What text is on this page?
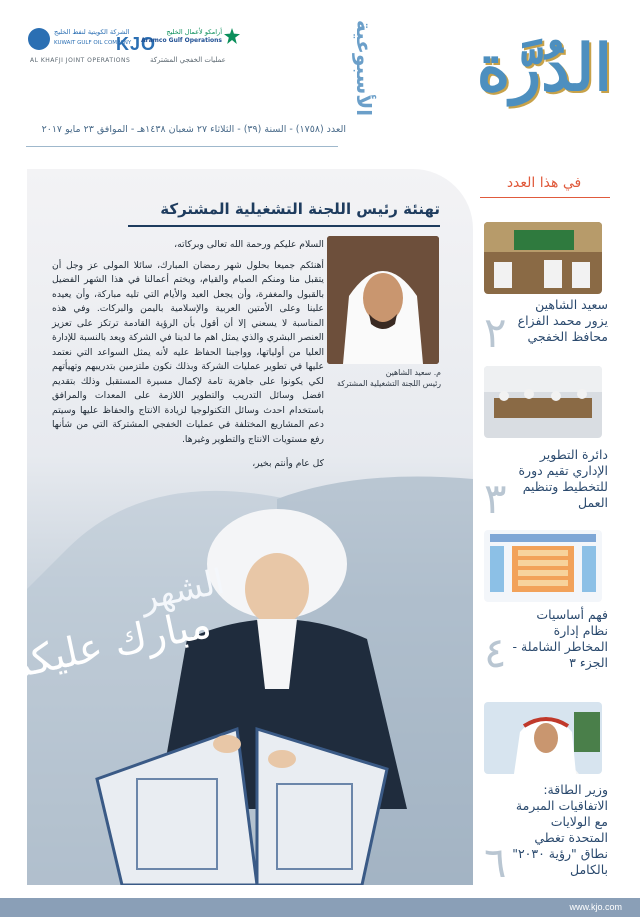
الشركة الكويتية لنفط الخليج
KUWAIT GULF OIL COMPANY
KJO
أرامكو لأعمال الخليج
Aramco Gulf Operations
AL KHAFJI JOINT OPERATIONS	عمليات الخفجي المشتركة	الدُرَّة
الأسبوعية
العدد (١٧٥٨) - السنة (٣٩) - الثلاثاء ٢٧ شعبان ١٤٣٨هـ - الموافق ٢٣ مايو ٢٠١٧
تهنئة رئيس اللجنة التشغيلية المشتركة
م. سعيد الشاهين
رئيس اللجنة التشغيلية المشتركة

السلام عليكم ورحمة الله تعالى وبركاته،

أهنئكم جميعا بحلول شهر رمضان المبارك، سائلا المولى عز وجل أن يتقبل منا ومنكم الصيام والقيام، ويختم أعمالنا في هذا الشهر الفضيل بالقبول والمغفرة، وأن يجعل العيد والأيام التي تليه مباركة، وأن يعيده علينا وعلى الأمتين العربية والإسلامية باليمن والبركات. وفي هذه المناسبة لا يسعني إلا أن أقول بأن الرؤية القادمة ترتكز على تعزيز العنصر البشري والذي يمثل اهم ما لدينا في الشركة ويعد بالنسبة للإدارة العليا من أولياتها، وواجبنا الحفاظ عليه لأنه يمثل السواعد التي نعتمد عليها في تطوير عمليات الشركة وبذلك نكون ملتزمين بتدريبهم وتهيأتهم لكي يكونوا على جاهزية تامة لإكمال مسيرة المستقبل وذلك بتقديم افضل وسائل التدريب والتطوير اللازمة على المعدات والمرافق باستخدام احدث وسائل التكنولوجيا لزيادة الانتاج والحفاظ عليها وسيتم دعم المشاريع المختلفة في عمليات الخفجي المشتركة التي من شأنها رفع مستويات الانتاج والتطوير وغيرها.

كل عام وأنتم بخير،

الشهر
مبارك عليكم
في هذا العدد
سعيد الشاهين يزور محمد الفزاع محافظ الخفجي
٢
دائرة التطوير الإداري تقيم دورة للتخطيط وتنظيم العمل
٣
فهم أساسيات نظام إدارة المخاطر الشاملة - الجزء ٣
٤
وزير الطاقة: الاتفاقيات المبرمة مع الولايات المتحدة تغطي نطاق "رؤية ٢٠٣٠" بالكامل
٦
www.kjo.com
